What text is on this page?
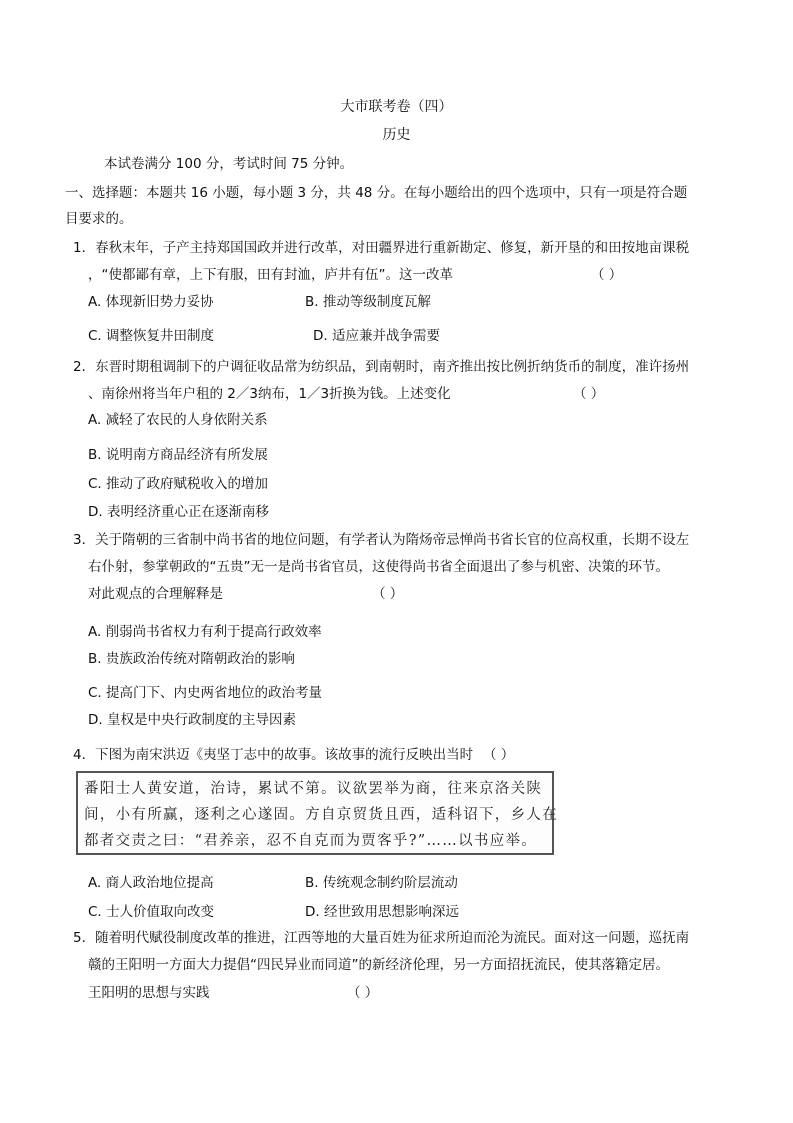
大市联考卷（四）
历史
本试卷满分 100 分，考试时间 75 分钟。
一、选择题：本题共 16 小题，每小题 3 分，共 48 分。在每小题给出的四个选项中，只有一项是符合题
目要求的。
1．春秋末年，子产主持郑国国政并进行改革，对田疆界进行重新勘定、修复，新开垦的和田按地亩课税
，“使都鄙有章，上下有服，田有封洫，庐井有伍”。这一改革	（ ）
A. 体现新旧势力妥协	B. 推动等级制度瓦解
C. 调整恢复井田制度	D. 适应兼并战争需要
2．东晋时期租调制下的户调征收品常为纺织品，到南朝时，南齐推出按比例折纳货币的制度，准许扬州
、南徐州将当年户租的 2／3纳布，1／3折换为钱。上述变化	（ ）
A. 减轻了农民的人身依附关系
B. 说明南方商品经济有所发展
C. 推动了政府赋税收入的增加
D. 表明经济重心正在逐渐南移
3．关于隋朝的三省制中尚书省的地位问题，有学者认为隋炀帝忌惮尚书省长官的位高权重，长期不设左
右仆射，参掌朝政的“五贵”无一是尚书省官员，这使得尚书省全面退出了参与机密、决策的环节。
对此观点的合理解释是	（ ）
A. 削弱尚书省权力有利于提高行政效率
B. 贵族政治传统对隋朝政治的影响
C. 提高门下、内史两省地位的政治考量
D. 皇权是中央行政制度的主导因素
4．下图为南宋洪迈《夷坚丁志中的故事。该故事的流行反映出当时 （ ）
番阳士人黄安道，治诗，累试不第。议欲罢举为商，往来京洛关陕
间，小有所赢，逐利之心遂固。方自京贸货且西，适科诏下，乡人在
都者交责之曰：“君养亲，忍不自克而为贾客乎?”……以书应举。
A. 商人政治地位提高	B. 传统观念制约阶层流动
C. 士人价值取向改变	D. 经世致用思想影响深远
5．随着明代赋役制度改革的推进，江西等地的大量百姓为征求所迫而沦为流民。面对这一问题，巡抚南
赣的王阳明一方面大力提倡“四民异业而同道”的新经济伦理，另一方面招抚流民，使其落籍定居。
王阳明的思想与实践	（ ）
